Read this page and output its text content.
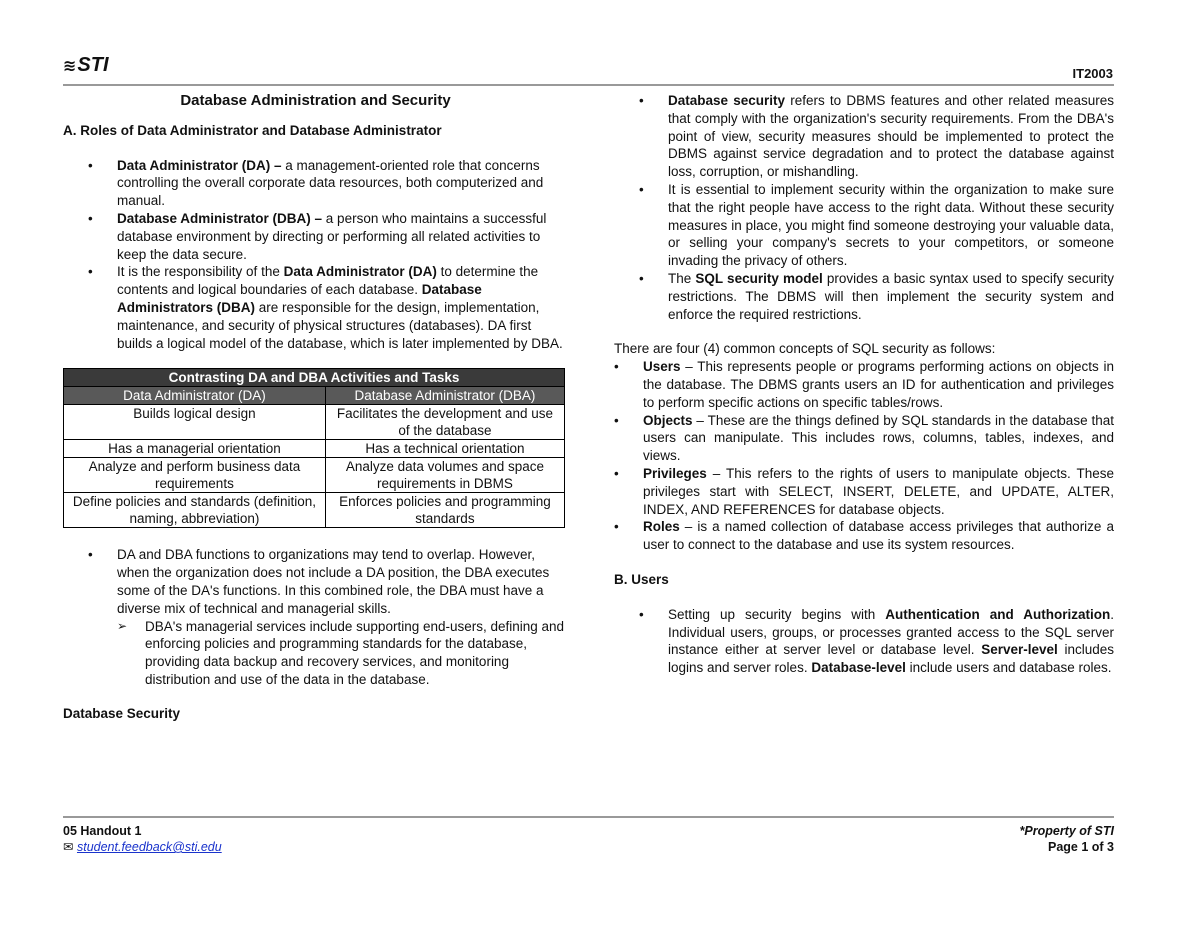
≋STI	IT2003
Database Administration and Security
A. Roles of Data Administrator and Database Administrator
• Data Administrator (DA) – a management-oriented role that concerns controlling the overall corporate data resources, both computerized and manual.
• Database Administrator (DBA) – a person who maintains a successful database environment by directing or performing all related activities to keep the data secure.
• It is the responsibility of the Data Administrator (DA) to determine the contents and logical boundaries of each database. Database Administrators (DBA) are responsible for the design, implementation, maintenance, and security of physical structures (databases). DA first builds a logical model of the database, which is later implemented by DBA.
Contrasting DA and DBA Activities and Tasks	
Data Administrator (DA)	Database Administrator (DBA)
Builds logical design	Facilitates the development and use of the database
Has a managerial orientation	Has a technical orientation
Analyze and perform business data requirements	Analyze data volumes and space requirements in DBMS
Define policies and standards (definition, naming, abbreviation)	Enforces policies and programming standards
• DA and DBA functions to organizations may tend to overlap. However, when the organization does not include a DA position, the DBA executes some of the DA's functions. In this combined role, the DBA must have a diverse mix of technical and managerial skills.
➢ DBA's managerial services include supporting end-users, defining and enforcing policies and programming standards for the database, providing data backup and recovery services, and monitoring distribution and use of the data in the database.
Database Security
• Database security refers to DBMS features and other related measures that comply with the organization's security requirements. From the DBA's point of view, security measures should be implemented to protect the DBMS against service degradation and to protect the database against loss, corruption, or mishandling.
• It is essential to implement security within the organization to make sure that the right people have access to the right data. Without these security measures in place, you might find someone destroying your valuable data, or selling your company's secrets to your competitors, or someone invading the privacy of others.
• The SQL security model provides a basic syntax used to specify security restrictions. The DBMS will then implement the security system and enforce the required restrictions.
There are four (4) common concepts of SQL security as follows:
• Users – This represents people or programs performing actions on objects in the database. The DBMS grants users an ID for authentication and privileges to perform specific actions on specific tables/rows.
• Objects – These are the things defined by SQL standards in the database that users can manipulate. This includes rows, columns, tables, indexes, and views.
• Privileges – This refers to the rights of users to manipulate objects. These privileges start with SELECT, INSERT, DELETE, and UPDATE, ALTER, INDEX, AND REFERENCES for database objects.
• Roles – is a named collection of database access privileges that authorize a user to connect to the database and use its system resources.
B. Users
• Setting up security begins with Authentication and Authorization. Individual users, groups, or processes granted access to the SQL server instance either at server level or database level. Server-level includes logins and server roles. Database-level include users and database roles.
05 Handout 1
✉ student.feedback@sti.edu
*Property of STI
Page 1 of 3
